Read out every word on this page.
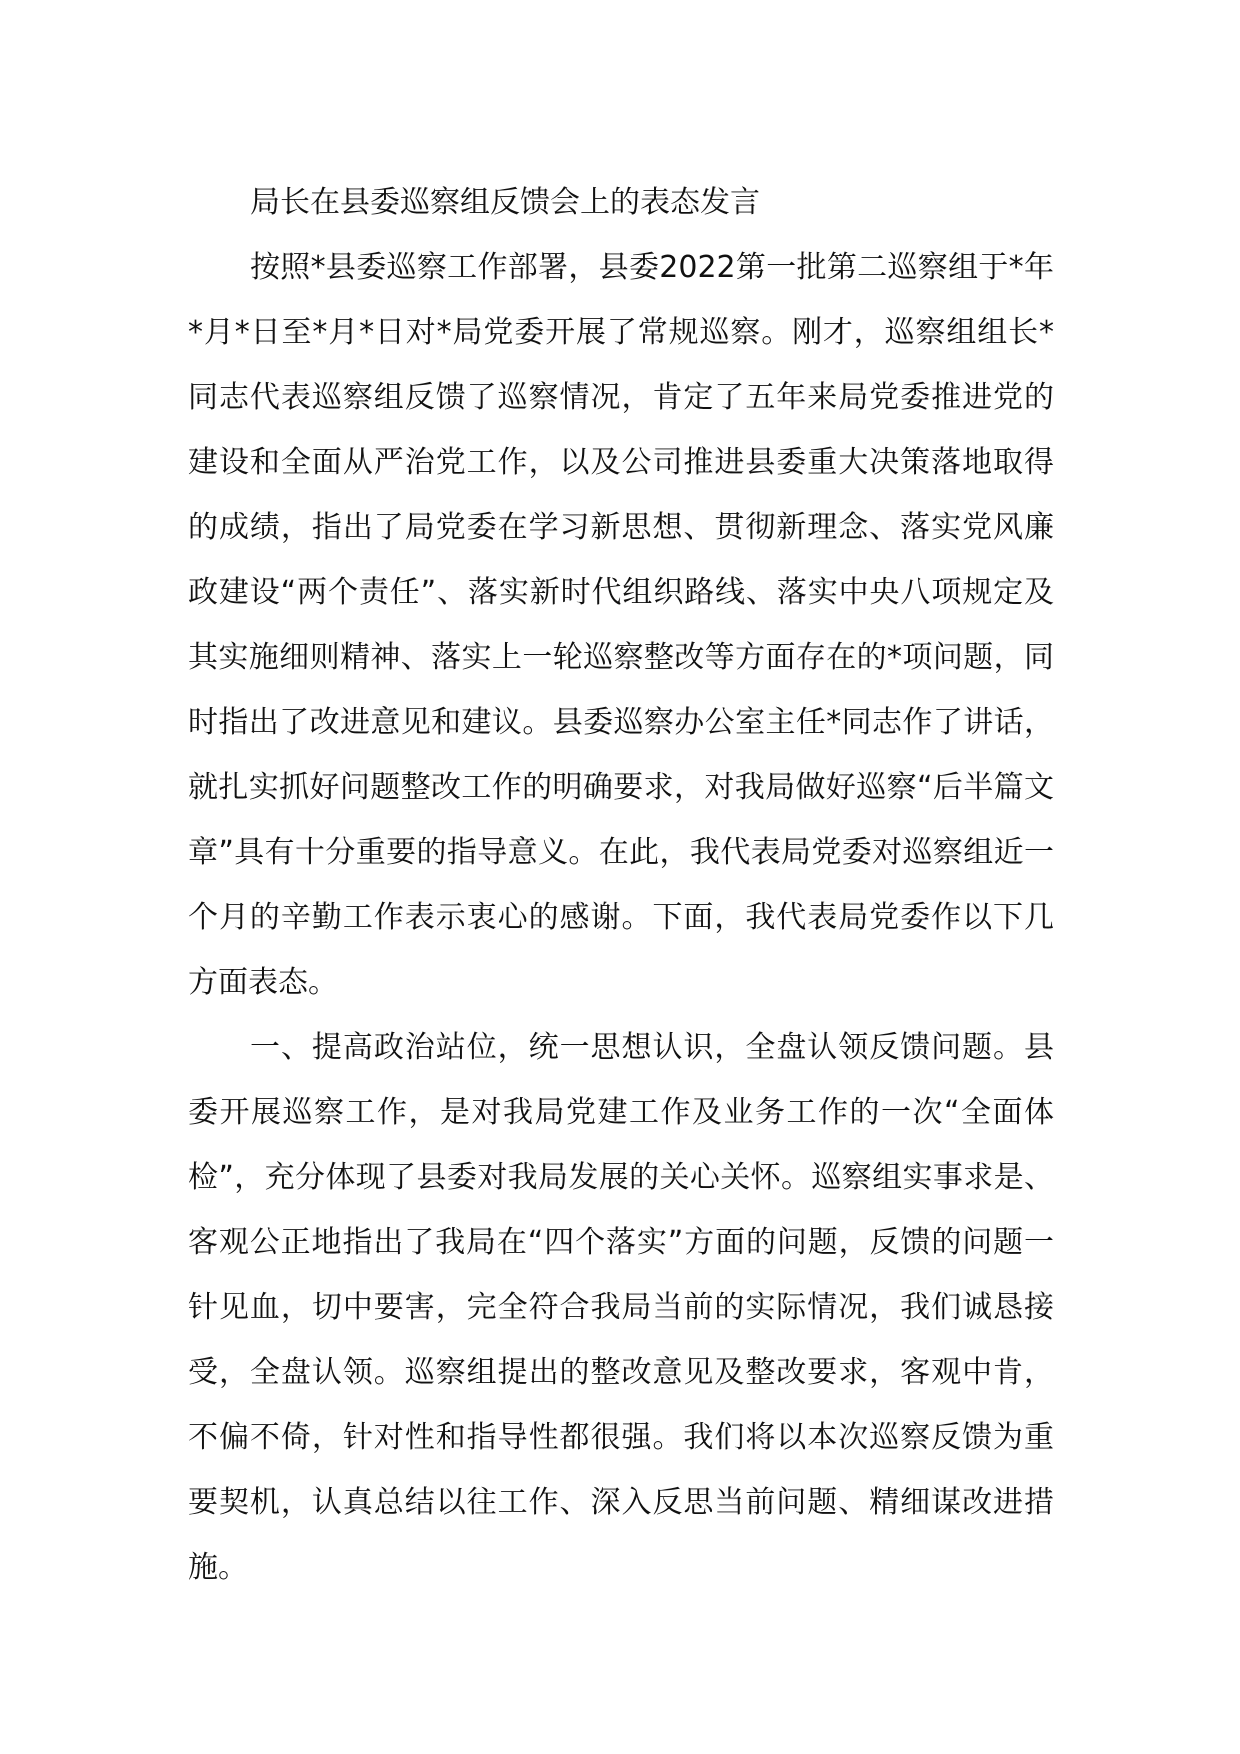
局长在县委巡察组反馈会上的表态发言

按照*县委巡察工作部署，县委2022第一批第二巡察组于*年*月*日至*月*日对*局党委开展了常规巡察。刚才，巡察组组长*同志代表巡察组反馈了巡察情况，肯定了五年来局党委推进党的建设和全面从严治党工作，以及公司推进县委重大决策落地取得的成绩，指出了局党委在学习新思想、贯彻新理念、落实党风廉政建设“两个责任”、落实新时代组织路线、落实中央八项规定及其实施细则精神、落实上一轮巡察整改等方面存在的*项问题，同时指出了改进意见和建议。县委巡察办公室主任*同志作了讲话，就扎实抓好问题整改工作的明确要求，对我局做好巡察“后半篇文章”具有十分重要的指导意义。在此，我代表局党委对巡察组近一个月的辛勤工作表示衷心的感谢。下面，我代表局党委作以下几方面表态。

一、提高政治站位，统一思想认识，全盘认领反馈问题。县委开展巡察工作，是对我局党建工作及业务工作的一次“全面体检”，充分体现了县委对我局发展的关心关怀。巡察组实事求是、客观公正地指出了我局在“四个落实”方面的问题，反馈的问题一针见血，切中要害，完全符合我局当前的实际情况，我们诚恳接受，全盘认领。巡察组提出的整改意见及整改要求，客观中肯，不偏不倚，针对性和指导性都很强。我们将以本次巡察反馈为重要契机，认真总结以往工作、深入反思当前问题、精细谋改进措施。
